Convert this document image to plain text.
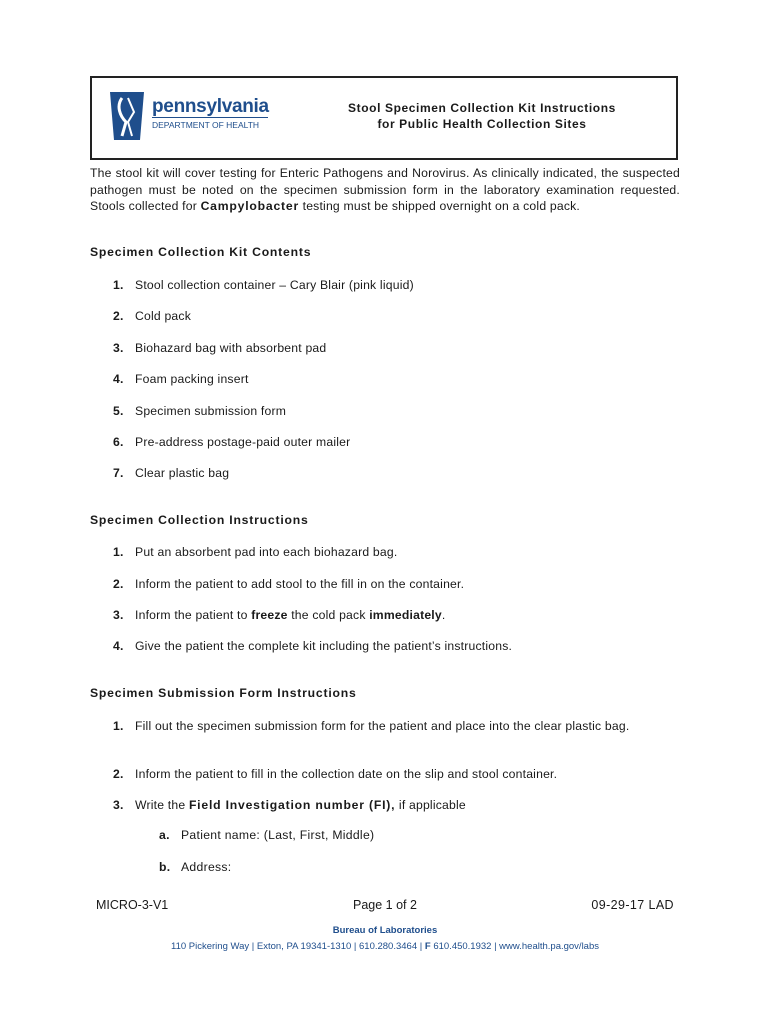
pennsylvania
DEPARTMENT OF HEALTH
Stool Specimen Collection Kit Instructions
for Public Health Collection Sites
The stool kit will cover testing for Enteric Pathogens and Norovirus. As clinically indicated, the suspected pathogen must be noted on the specimen submission form in the laboratory examination requested. Stools collected for Campylobacter testing must be shipped overnight on a cold pack.
Specimen Collection Kit Contents
1. Stool collection container – Cary Blair (pink liquid)
2. Cold pack
3. Biohazard bag with absorbent pad
4. Foam packing insert
5. Specimen submission form
6. Pre-address postage-paid outer mailer
7. Clear plastic bag
Specimen Collection Instructions
1. Put an absorbent pad into each biohazard bag.
2. Inform the patient to add stool to the fill in on the container.
3. Inform the patient to freeze the cold pack immediately.
4. Give the patient the complete kit including the patient’s instructions.
Specimen Submission Form Instructions
1. Fill out the specimen submission form for the patient and place into the clear plastic bag.
2. Inform the patient to fill in the collection date on the slip and stool container.
3. Write the Field Investigation number (FI), if applicable
a. Patient name: (Last, First, Middle)
b. Address:
MICRO-3-V1	Page 1 of 2	09-29-17 LAD
Bureau of Laboratories
110 Pickering Way | Exton, PA 19341-1310 | 610.280.3464 | F 610.450.1932 | www.health.pa.gov/labs
